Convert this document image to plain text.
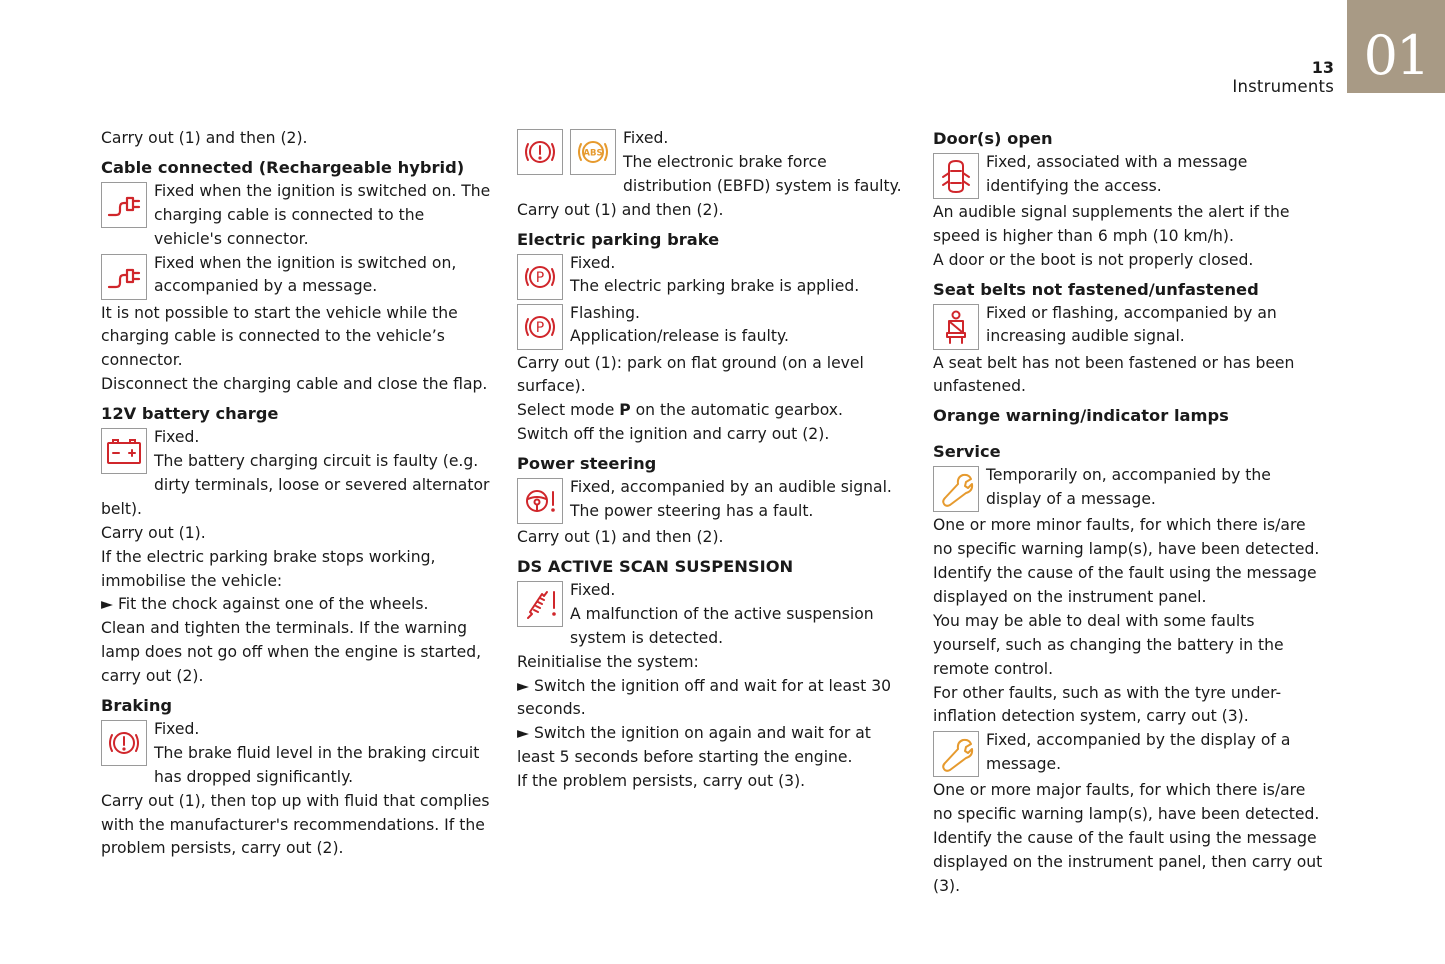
13
Instruments 01

Carry out (1) and then (2).

Cable connected (Rechargeable hybrid)

Fixed when the ignition is switched on. The charging cable is connected to the vehicle's connector.

Fixed when the ignition is switched on, accompanied by a message.

It is not possible to start the vehicle while the charging cable is connected to the vehicle’s connector.

Disconnect the charging cable and close the flap.

12V battery charge

Fixed.

The battery charging circuit is faulty (e.g. dirty terminals, loose or severed alternator belt).

Carry out (1).

If the electric parking brake stops working, immobilise the vehicle:

► Fit the chock against one of the wheels.

Clean and tighten the terminals. If the warning lamp does not go off when the engine is started, carry out (2).

Braking

Fixed.

The brake fluid level in the braking circuit has dropped significantly.

Carry out (1), then top up with fluid that complies with the manufacturer's recommendations. If the problem persists, carry out (2).

ABS

Fixed.

The electronic brake force distribution (EBFD) system is faulty.

Carry out (1) and then (2).

Electric parking brake
P

Fixed.

The electric parking brake is applied.

P

Flashing.

Application/release is faulty.

Carry out (1): park on flat ground (on a level surface).

Select mode P on the automatic gearbox.

Switch off the ignition and carry out (2).

Power steering

Fixed, accompanied by an audible signal.

The power steering has a fault.

Carry out (1) and then (2).

DS ACTIVE SCAN SUSPENSION

Fixed.

A malfunction of the active suspension system is detected.

Reinitialise the system:

► Switch the ignition off and wait for at least 30 seconds.

► Switch the ignition on again and wait for at least 5 seconds before starting the engine.

If the problem persists, carry out (3).

Door(s) open

Fixed, associated with a message identifying the access.

An audible signal supplements the alert if the speed is higher than 6 mph (10 km/h).

A door or the boot is not properly closed.

Seat belts not fastened/unfastened

Fixed or flashing, accompanied by an increasing audible signal.

A seat belt has not been fastened or has been unfastened.

Orange warning/indicator lamps
Service

Temporarily on, accompanied by the display of a message.

One or more minor faults, for which there is/are no specific warning lamp(s), have been detected.

Identify the cause of the fault using the message displayed on the instrument panel.

You may be able to deal with some faults yourself, such as changing the battery in the remote control.

For other faults, such as with the tyre under-inflation detection system, carry out (3).

Fixed, accompanied by the display of a message.

One or more major faults, for which there is/are no specific warning lamp(s), have been detected.

Identify the cause of the fault using the message displayed on the instrument panel, then carry out (3).
